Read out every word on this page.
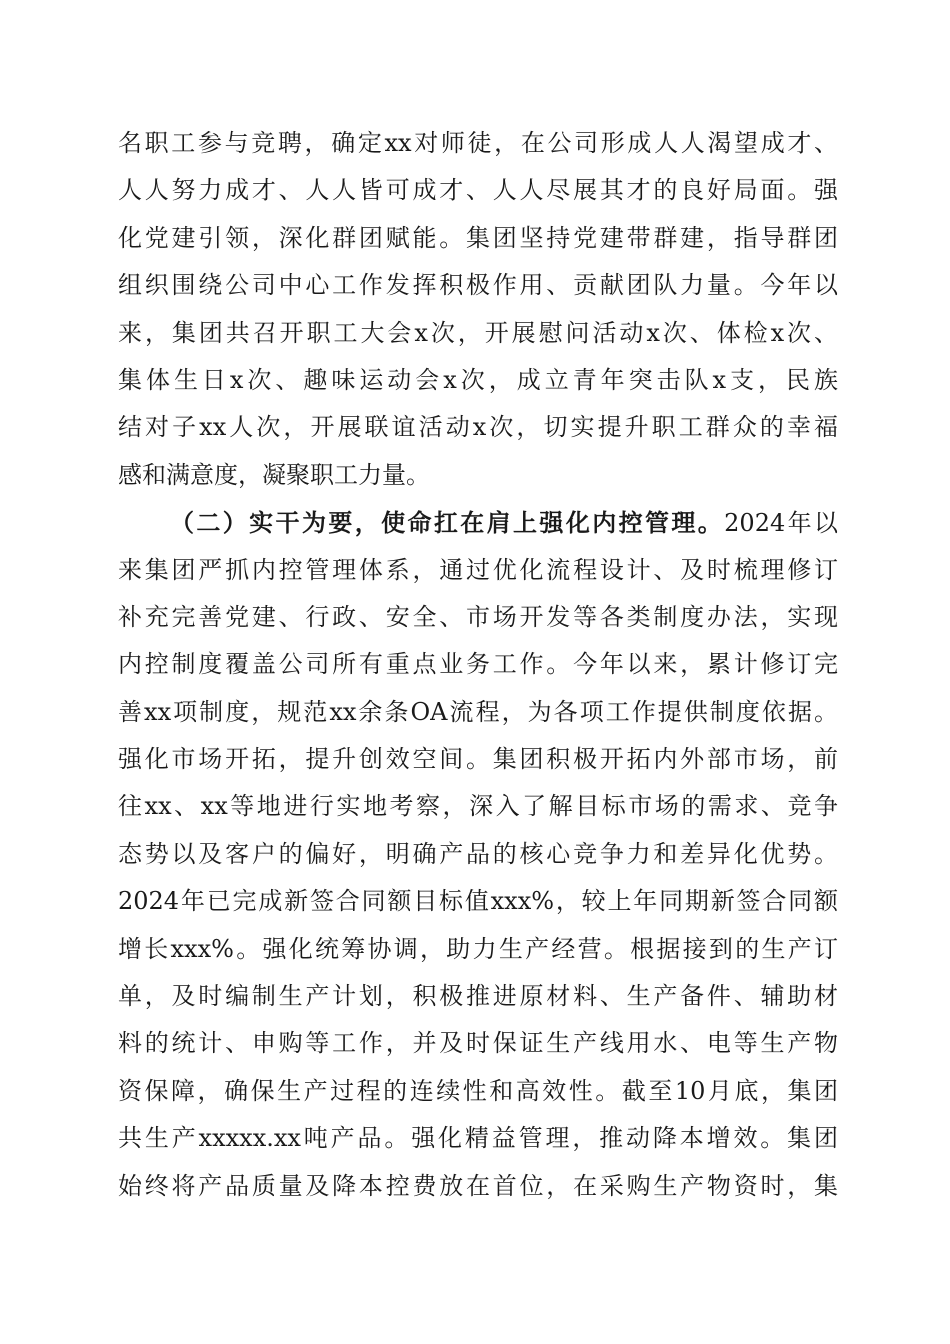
名职工参与竞聘，确定xx对师徒，在公司形成人人渴望成才、
人人努力成才、人人皆可成才、人人尽展其才的良好局面。强
化党建引领，深化群团赋能。集团坚持党建带群建，指导群团
组织围绕公司中心工作发挥积极作用、贡献团队力量。今年以
来，集团共召开职工大会x次，开展慰问活动x次、体检x次、
集体生日x次、趣味运动会x次，成立青年突击队x支，民族
结对子xx人次，开展联谊活动x次，切实提升职工群众的幸福
感和满意度，凝聚职工力量。
（二）实干为要，使命扛在肩上强化内控管理。2024年以
来集团严抓内控管理体系，通过优化流程设计、及时梳理修订
补充完善党建、行政、安全、市场开发等各类制度办法，实现
内控制度覆盖公司所有重点业务工作。今年以来，累计修订完
善xx项制度，规范xx余条OA流程，为各项工作提供制度依据。
强化市场开拓，提升创效空间。集团积极开拓内外部市场，前
往xx、xx等地进行实地考察，深入了解目标市场的需求、竞争
态势以及客户的偏好，明确产品的核心竞争力和差异化优势。
2024年已完成新签合同额目标值xxx%，较上年同期新签合同额
增长xxx%。强化统筹协调，助力生产经营。根据接到的生产订
单，及时编制生产计划，积极推进原材料、生产备件、辅助材
料的统计、申购等工作，并及时保证生产线用水、电等生产物
资保障，确保生产过程的连续性和高效性。截至10月底，集团
共生产xxxxx.xx吨产品。强化精益管理，推动降本增效。集团
始终将产品质量及降本控费放在首位，在采购生产物资时，集
